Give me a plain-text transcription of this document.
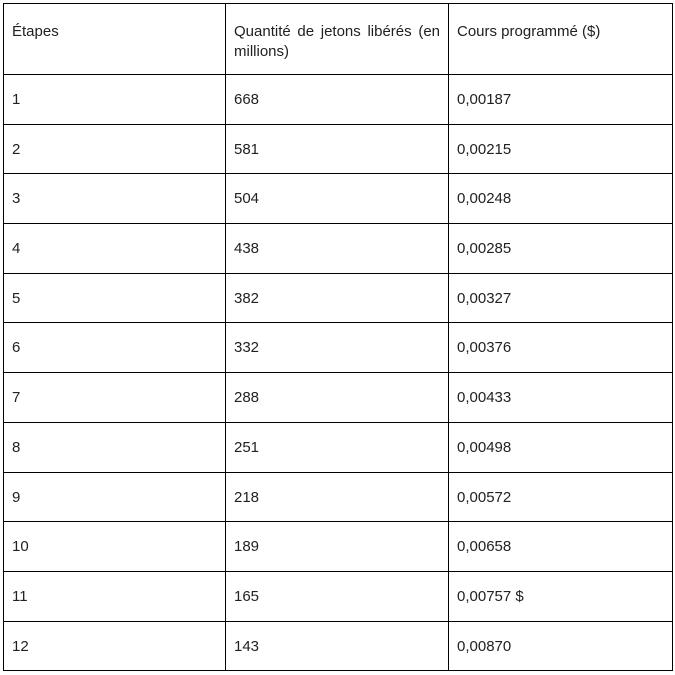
Étapes	Quantité de jetons libérés (en millions)	Cours programmé ($)
1	668	0,00187
2	581	0,00215
3	504	0,00248
4	438	0,00285
5	382	0,00327
6	332	0,00376
7	288	0,00433
8	251	0,00498
9	218	0,00572
10	189	0,00658
11	165	0,00757 $
12	143	0,00870
